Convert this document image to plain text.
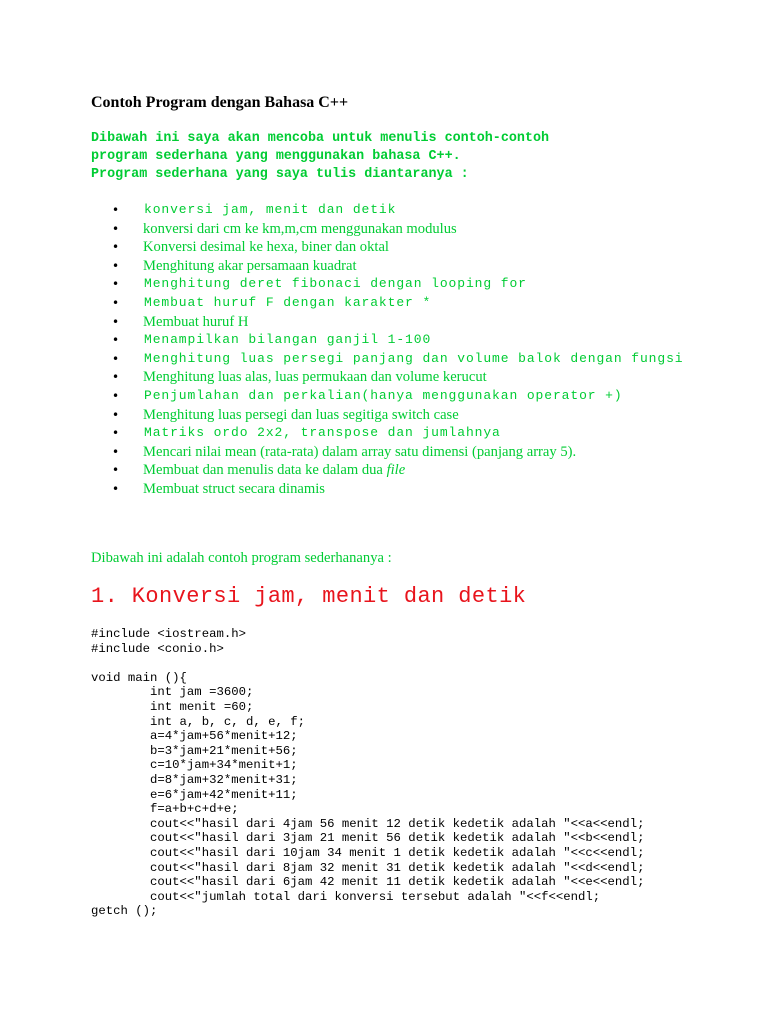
Contoh Program dengan Bahasa C++
Dibawah ini saya akan mencoba untuk menulis contoh-contoh
program sederhana yang menggunakan bahasa C++.
Program sederhana yang saya tulis diantaranya :
•	konversi jam, menit dan detik
•	konversi dari cm ke km,m,cm menggunakan modulus
•	Konversi desimal ke hexa, biner dan oktal
•	Menghitung akar persamaan kuadrat
•	Menghitung deret fibonaci dengan looping for
•	Membuat huruf F dengan karakter *
•	Membuat huruf H
•	Menampilkan bilangan ganjil 1-100
•	Menghitung luas persegi panjang dan volume balok dengan fungsi
•	Menghitung luas alas, luas permukaan dan volume kerucut
•	Penjumlahan dan perkalian(hanya menggunakan operator +)
•	Menghitung luas persegi dan luas segitiga switch case
•	Matriks ordo 2x2, transpose dan jumlahnya
•	Mencari nilai mean (rata-rata) dalam array satu dimensi (panjang array 5).
•	Membuat dan menulis data ke dalam dua file
•	Membuat struct secara dinamis
Dibawah ini adalah contoh program sederhananya :
1. Konversi jam, menit dan detik
#include <iostream.h>
#include <conio.h>
void main (){
int jam =3600;
int menit =60;
int a, b, c, d, e, f;
a=4*jam+56*menit+12;
b=3*jam+21*menit+56;
c=10*jam+34*menit+1;
d=8*jam+32*menit+31;
e=6*jam+42*menit+11;
f=a+b+c+d+e;
cout<<"hasil dari 4jam 56 menit 12 detik kedetik adalah "<<a<<endl;
cout<<"hasil dari 3jam 21 menit 56 detik kedetik adalah "<<b<<endl;
cout<<"hasil dari 10jam 34 menit 1 detik kedetik adalah "<<c<<endl;
cout<<"hasil dari 8jam 32 menit 31 detik kedetik adalah "<<d<<endl;
cout<<"hasil dari 6jam 42 menit 11 detik kedetik adalah "<<e<<endl;
cout<<"jumlah total dari konversi tersebut adalah "<<f<<endl;
getch ();
